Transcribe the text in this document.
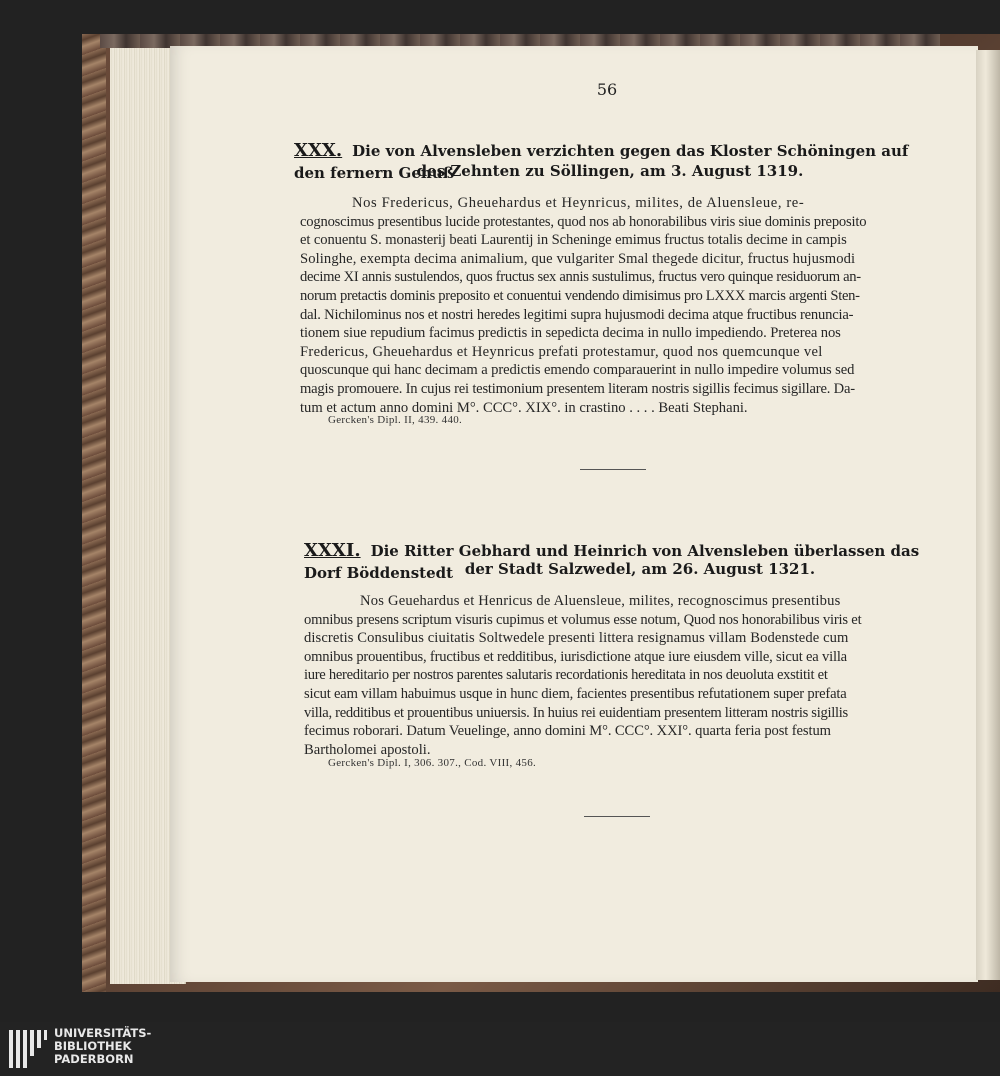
56
XXX. Die von Alvensleben verzichten gegen das Kloster Schöningen auf den fernern Genuß
des Zehnten zu Söllingen, am 3. August 1319.
Nos Fredericus, Gheuehardus et Heynricus, milites, de Aluensleue, re-
cognoscimus presentibus lucide protestantes, quod nos ab honorabilibus viris siue dominis preposito
et conuentu S. monasterij beati Laurentij in Scheninge emimus fructus totalis decime in campis
Solinghe, exempta decima animalium, que vulgariter Smal thegede dicitur, fructus hujusmodi
decime XI annis sustulendos, quos fructus sex annis sustulimus, fructus vero quinque residuorum an-
norum pretactis dominis preposito et conuentui vendendo dimisimus pro LXXX marcis argenti Sten-
dal. Nichilominus nos et nostri heredes legitimi supra hujusmodi decima atque fructibus renuncia-
tionem siue repudium facimus predictis in sepedicta decima in nullo impediendo. Preterea nos
Fredericus, Gheuehardus et Heynricus prefati protestamur, quod nos quemcunque vel
quoscunque qui hanc decimam a predictis emendo comparauerint in nullo impedire volumus sed
magis promouere. In cujus rei testimonium presentem literam nostris sigillis fecimus sigillare. Da-
tum et actum anno domini M°. CCC°. XIX°. in crastino . . . . Beati Stephani.
Gercken's Dipl. II, 439. 440.
XXXI. Die Ritter Gebhard und Heinrich von Alvensleben überlassen das Dorf Böddenstedt der Stadt Salzwedel, am 26. August 1321.
Nos Geuehardus et Henricus de Aluensleue, milites, recognoscimus presentibus
omnibus presens scriptum visuris cupimus et volumus esse notum, Quod nos honorabilibus viris et
discretis Consulibus ciuitatis Soltwedele presenti littera resignamus villam Bodenstede cum
omnibus prouentibus, fructibus et redditibus, iurisdictione atque iure eiusdem ville, sicut ea villa
iure hereditario per nostros parentes salutaris recordationis hereditata in nos deuoluta exstitit et
sicut eam villam habuimus usque in hunc diem, facientes presentibus refutationem super prefata
villa, redditibus et prouentibus uniuersis. In huius rei euidentiam presentem litteram nostris sigillis
fecimus roborari. Datum Veuelinge, anno domini M°. CCC°. XXI°. quarta feria post festum
Bartholomei apostoli.
Gercken's Dipl. I, 306. 307., Cod. VIII, 456.
UNIVERSITÄTS-
BIBLIOTHEK
PADERBORN
